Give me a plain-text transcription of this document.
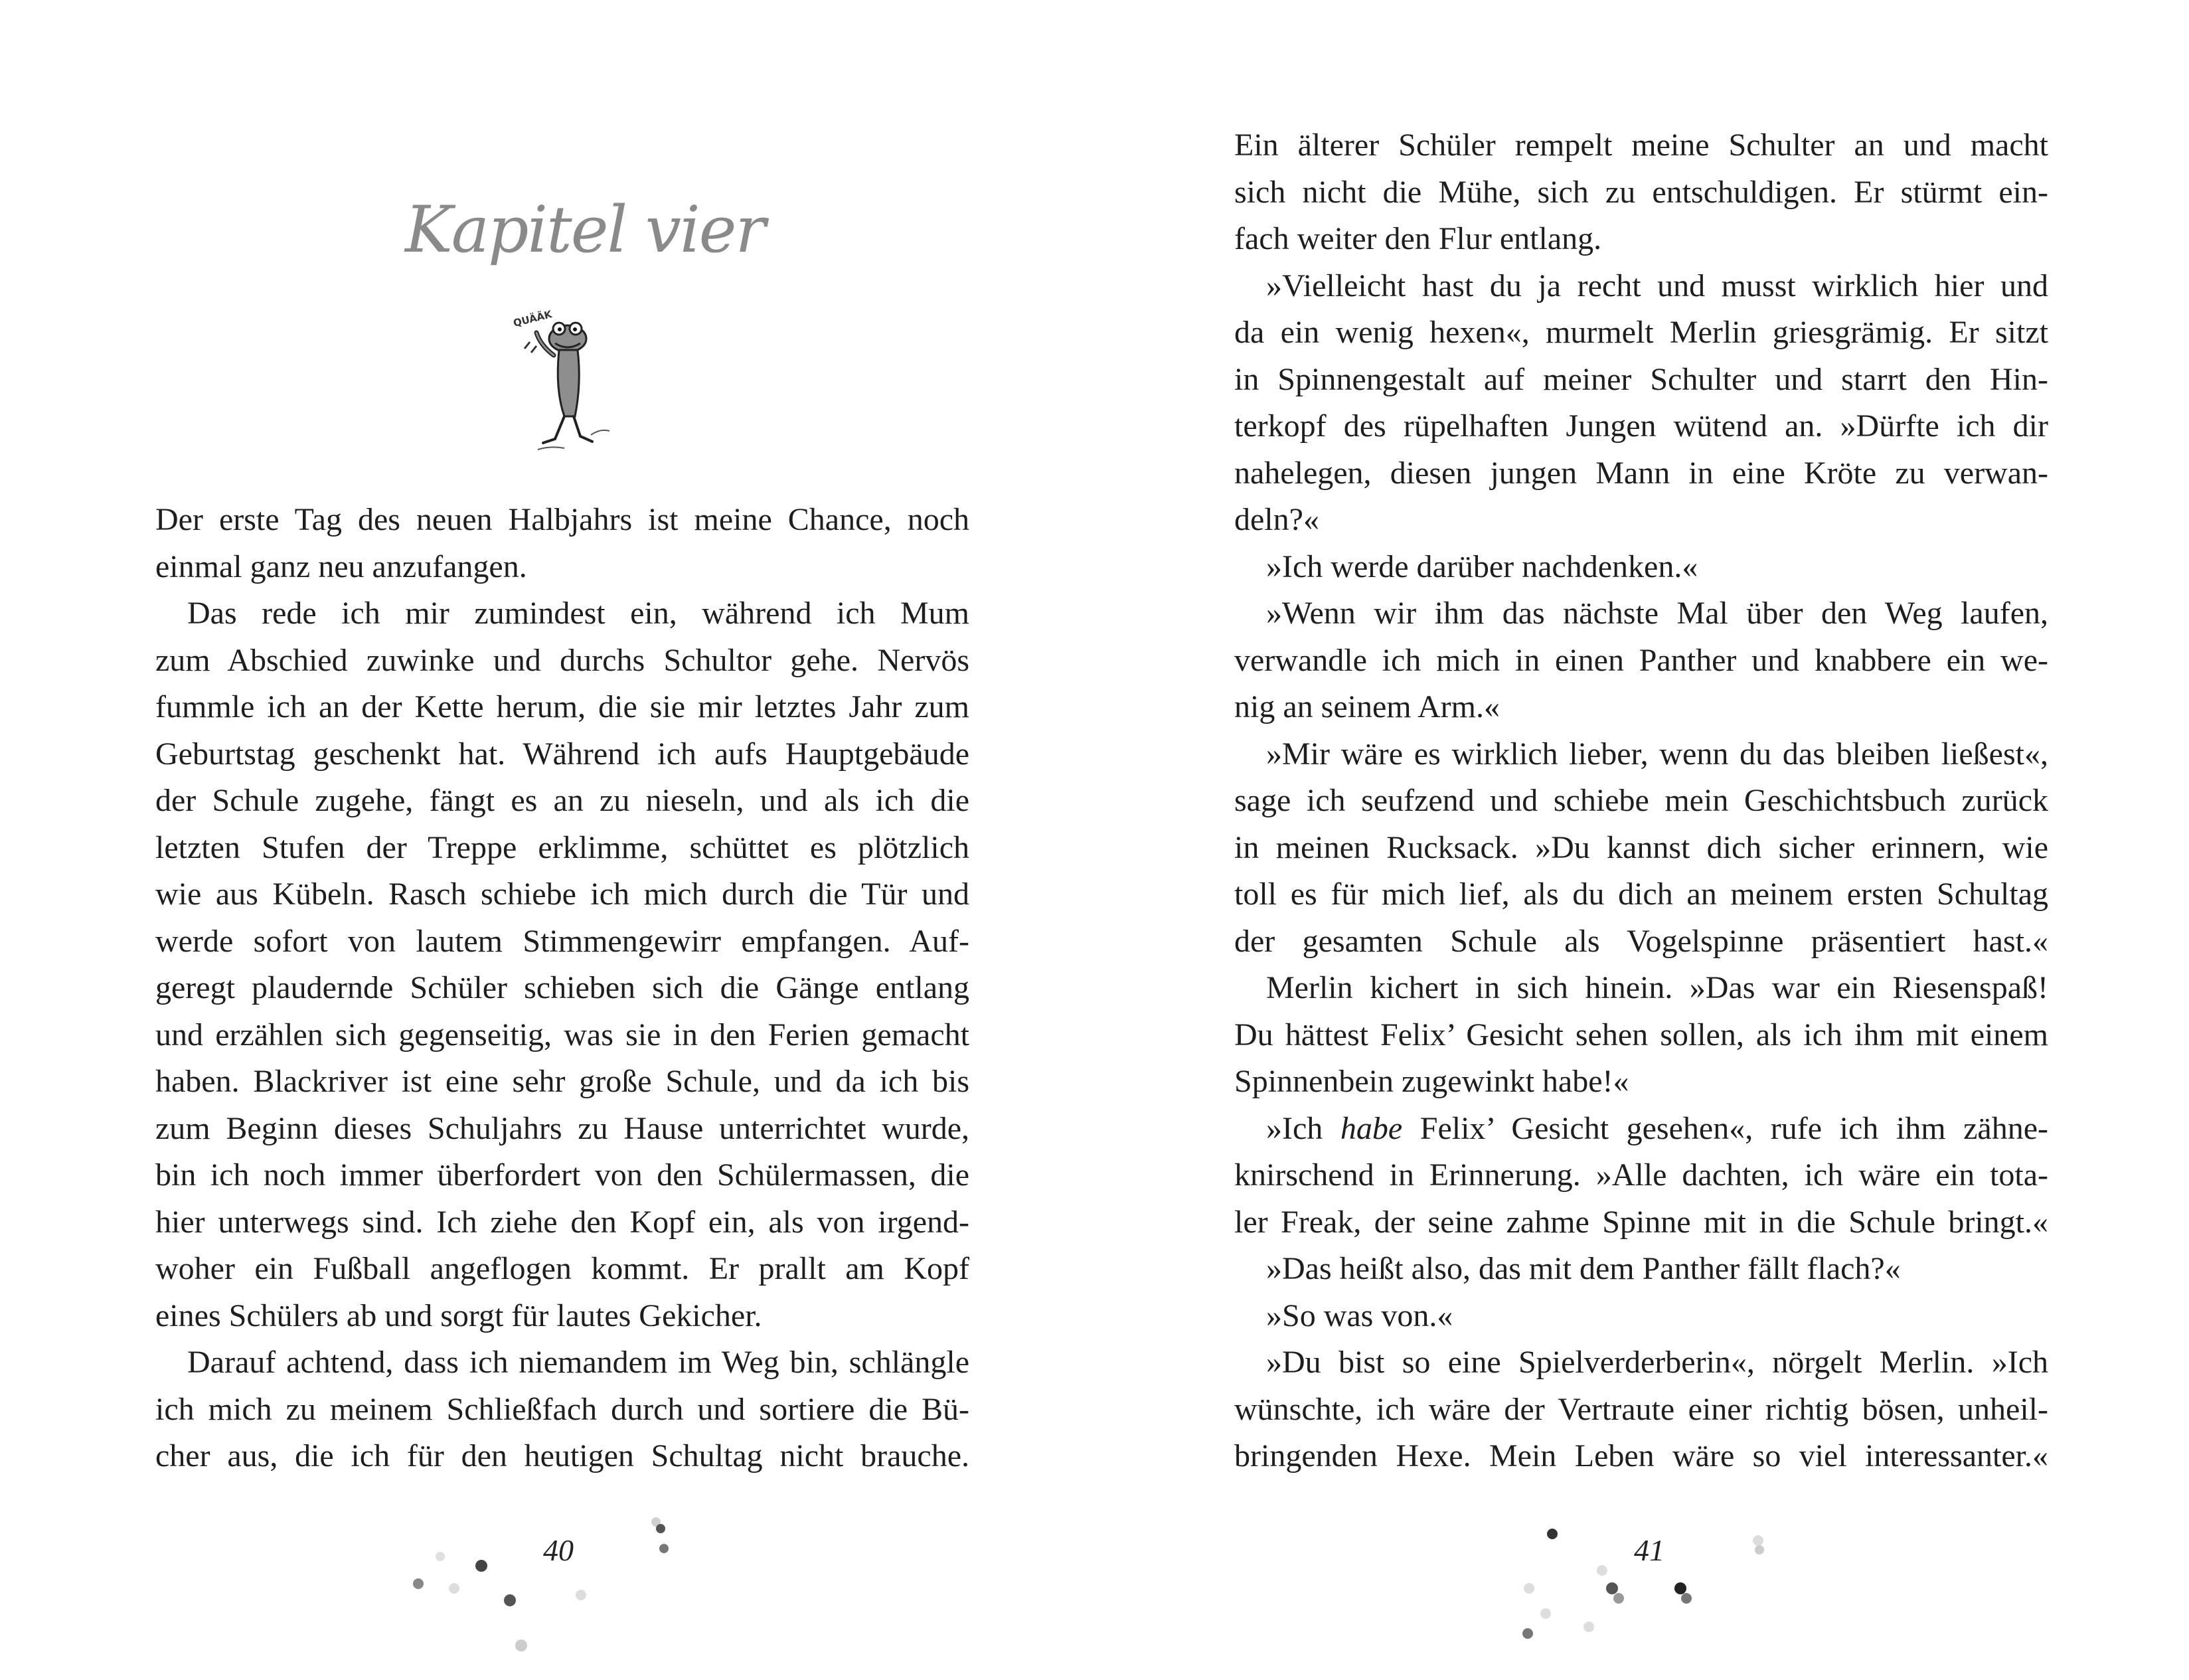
Kapitel vier
QUÄÄK
Der erste Tag des neuen Halbjahrs ist meine Chance, noch
einmal ganz neu anzufangen.
Das rede ich mir zumindest ein, während ich Mum
zum Abschied zuwinke und durchs Schultor gehe. Nervös
fummle ich an der Kette herum, die sie mir letztes Jahr zum
Geburtstag geschenkt hat. Während ich aufs Hauptgebäude
der Schule zugehe, fängt es an zu nieseln, und als ich die
letzten Stufen der Treppe erklimme, schüttet es plötzlich
wie aus Kübeln. Rasch schiebe ich mich durch die Tür und
werde sofort von lautem Stimmengewirr empfangen. Auf-
geregt plaudernde Schüler schieben sich die Gänge entlang
und erzählen sich gegenseitig, was sie in den Ferien gemacht
haben. Blackriver ist eine sehr große Schule, und da ich bis
zum Beginn dieses Schuljahrs zu Hause unterrichtet wurde,
bin ich noch immer überfordert von den Schülermassen, die
hier unterwegs sind. Ich ziehe den Kopf ein, als von irgend-
woher ein Fußball angeflogen kommt. Er prallt am Kopf
eines Schülers ab und sorgt für lautes Gekicher.
Darauf achtend, dass ich niemandem im Weg bin, schlängle
ich mich zu meinem Schließfach durch und sortiere die Bü-
cher aus, die ich für den heutigen Schultag nicht brauche.
40
Ein älterer Schüler rempelt meine Schulter an und macht
sich nicht die Mühe, sich zu entschuldigen. Er stürmt ein-
fach weiter den Flur entlang.
»Vielleicht hast du ja recht und musst wirklich hier und
da ein wenig hexen«, murmelt Merlin griesgrämig. Er sitzt
in Spinnengestalt auf meiner Schulter und starrt den Hin-
terkopf des rüpelhaften Jungen wütend an. »Dürfte ich dir
nahelegen, diesen jungen Mann in eine Kröte zu verwan-
deln?«
»Ich werde darüber nachdenken.«
»Wenn wir ihm das nächste Mal über den Weg laufen,
verwandle ich mich in einen Panther und knabbere ein we-
nig an seinem Arm.«
»Mir wäre es wirklich lieber, wenn du das bleiben ließest«,
sage ich seufzend und schiebe mein Geschichtsbuch zurück
in meinen Rucksack. »Du kannst dich sicher erinnern, wie
toll es für mich lief, als du dich an meinem ersten Schultag
der gesamten Schule als Vogelspinne präsentiert hast.«
Merlin kichert in sich hinein. »Das war ein Riesenspaß!
Du hättest Felix’ Gesicht sehen sollen, als ich ihm mit einem
Spinnenbein zugewinkt habe!«
»Ich habe Felix’ Gesicht gesehen«, rufe ich ihm zähne-
knirschend in Erinnerung. »Alle dachten, ich wäre ein tota-
ler Freak, der seine zahme Spinne mit in die Schule bringt.«
»Das heißt also, das mit dem Panther fällt flach?«
»So was von.«
»Du bist so eine Spielverderberin«, nörgelt Merlin. »Ich
wünschte, ich wäre der Vertraute einer richtig bösen, unheil-
bringenden Hexe. Mein Leben wäre so viel interessanter.«
41
